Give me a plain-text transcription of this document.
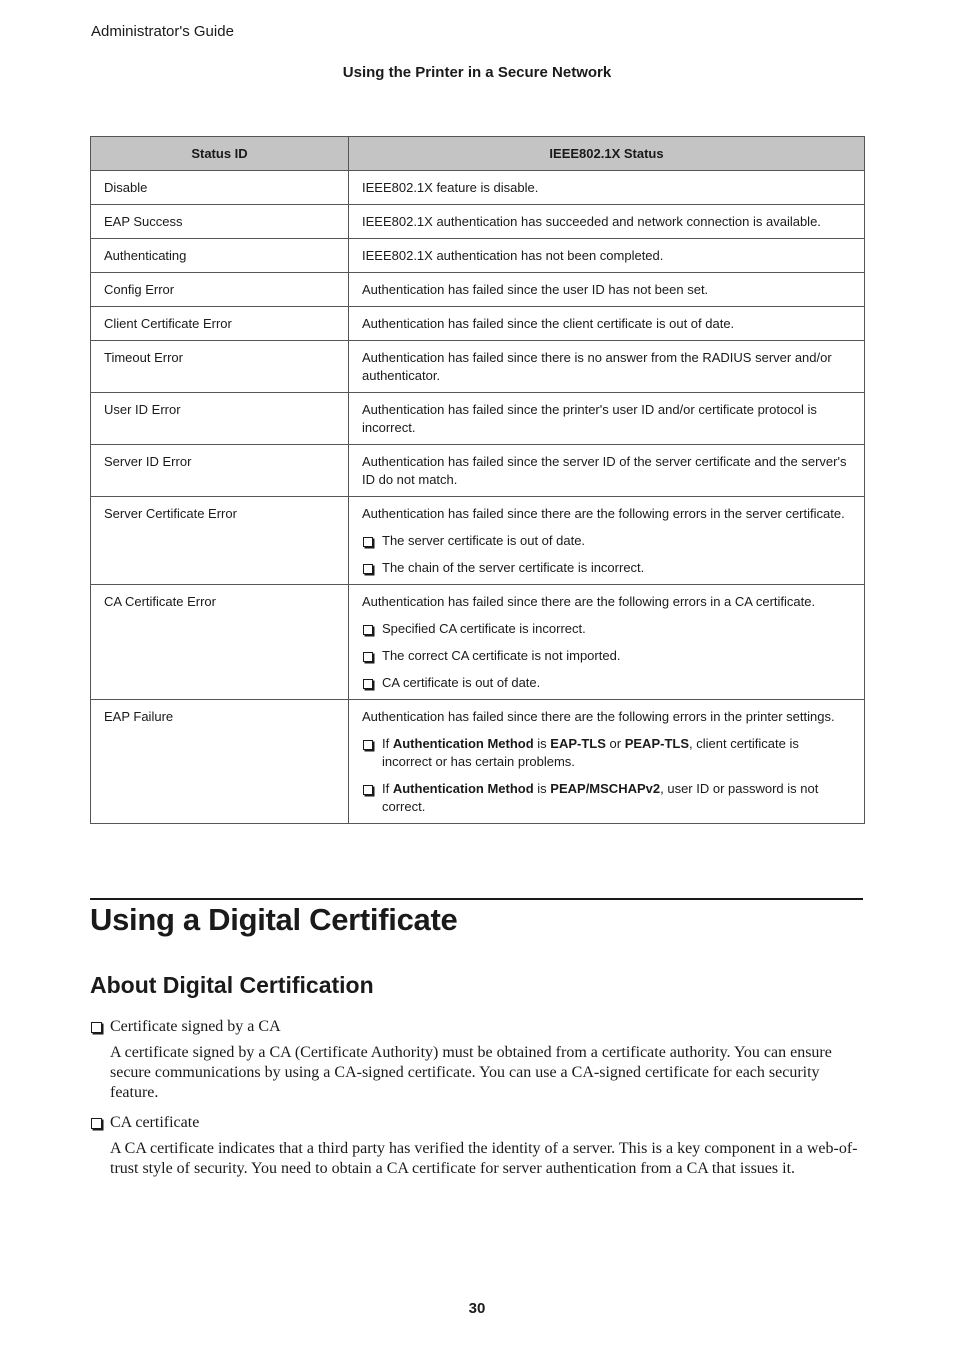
Administrator's Guide
Using the Printer in a Secure Network
Status ID	IEEE802.1X Status
Disable	IEEE802.1X feature is disable.
EAP Success	IEEE802.1X authentication has succeeded and network connection is available.
Authenticating	IEEE802.1X authentication has not been completed.
Config Error	Authentication has failed since the user ID has not been set.
Client Certificate Error	Authentication has failed since the client certificate is out of date.
Timeout Error	Authentication has failed since there is no answer from the RADIUS server and/or authenticator.
User ID Error	Authentication has failed since the printer's user ID and/or certificate protocol is incorrect.
Server ID Error	Authentication has failed since the server ID of the server certificate and the server's ID do not match.
Server Certificate Error	Authentication has failed since there are the following errors in the server certificate.

The server certificate is out of date.

The chain of the server certificate is incorrect.

CA Certificate Error	Authentication has failed since there are the following errors in a CA certificate.

Specified CA certificate is incorrect.

The correct CA certificate is not imported.

CA certificate is out of date.

EAP Failure	Authentication has failed since there are the following errors in the printer settings.

If Authentication Method is EAP-TLS or PEAP-TLS, client certificate is incorrect or has certain problems.

If Authentication Method is PEAP/MSCHAPv2, user ID or password is not correct.

Using a Digital Certificate
About Digital Certification
Certificate signed by a CA

A certificate signed by a CA (Certificate Authority) must be obtained from a certificate authority. You can ensure secure communications by using a CA-signed certificate. You can use a CA-signed certificate for each security feature.

CA certificate

A CA certificate indicates that a third party has verified the identity of a server. This is a key component in a web-of-trust style of security. You need to obtain a CA certificate for server authentication from a CA that issues it.

30
